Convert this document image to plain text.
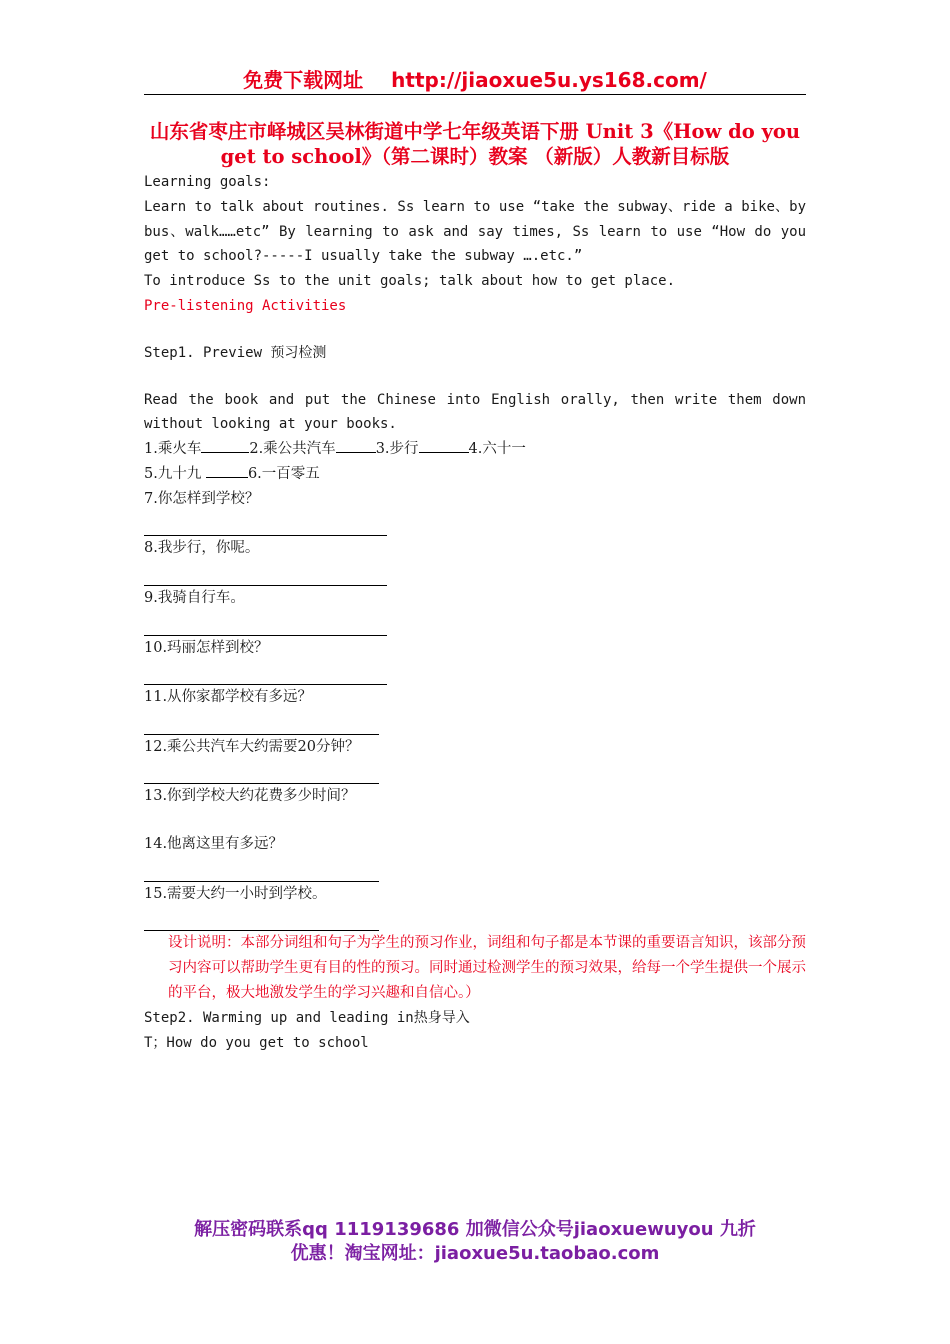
免费下载网址 http://jiaoxue5u.ys168.com/
山东省枣庄市峄城区吴林街道中学七年级英语下册 Unit 3《How do you get to school》（第二课时）教案 （新版）人教新目标版
Learning goals:
Learn to talk about routines. Ss learn to use “take the subway、ride a bike、by bus、walk……etc” By learning to ask and say times, Ss learn to use “How do you get to school?-----I usually take the subway ….etc.”
To introduce Ss to the unit goals; talk about how to get place.
Pre-listening Activities
Step1. Preview 预习检测
Read the book and put the Chinese into English orally, then write them down without looking at your books.
1.乘火车	2.乘公共汽车	3.步行	4.六十一
5.九十九	6.一百零五
7.你怎样到学校？
8.我步行，你呢。
9.我骑自行车。
10.玛丽怎样到校？
11.从你家都学校有多远？
12.乘公共汽车大约需要20分钟？
13.你到学校大约花费多少时间？
14.他离这里有多远？
15.需要大约一小时到学校。
设计说明：本部分词组和句子为学生的预习作业，词组和句子都是本节课的重要语言知识，该部分预习内容可以帮助学生更有目的性的预习。同时通过检测学生的预习效果，给每一个学生提供一个展示的平台，极大地激发学生的学习兴趣和自信心。）
Step2. Warming up and leading in热身导入
T；How do you get to school
解压密码联系qq 1119139686 加微信公众号jiaoxuewuyou 九折
优惠！淘宝网址：jiaoxue5u.taobao.com
